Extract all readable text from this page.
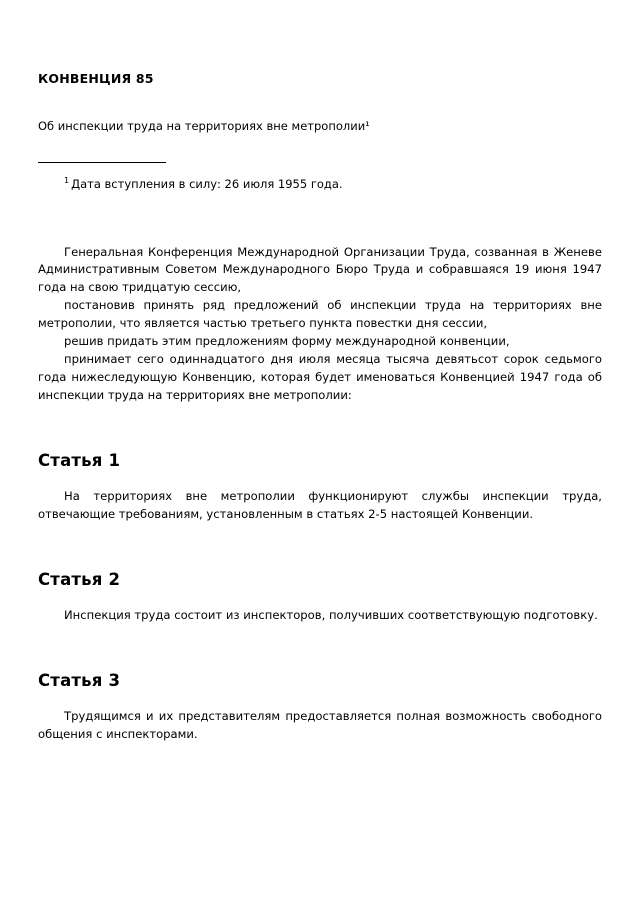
КОНВЕНЦИЯ 85

Об инспекции труда на территориях вне метрополии¹

$^1$ Дата вступления в силу: 26 июля 1955 года.

Генеральная Конференция Международной Организации Труда, созванная в Женеве Административным Советом Международного Бюро Труда и собравшаяся 19 июня 1947 года на свою тридцатую сессию,

постановив принять ряд предложений об инспекции труда на территориях вне метрополии, что является частью третьего пункта повестки дня сессии,

решив придать этим предложениям форму международной конвенции,

принимает сего одиннадцатого дня июля месяца тысяча девятьсот сорок седьмого года нижеследующую Конвенцию, которая будет именоваться Конвенцией 1947 года об инспекции труда на территориях вне метрополии:

Статья 1

На территориях вне метрополии функционируют службы инспекции труда, отвечающие требованиям, установленным в статьях 2-5 настоящей Конвенции.

Статья 2

Инспекция труда состоит из инспекторов, получивших соответствующую подготовку.

Статья 3

Трудящимся и их представителям предоставляется полная возможность свободного общения с инспекторами.
